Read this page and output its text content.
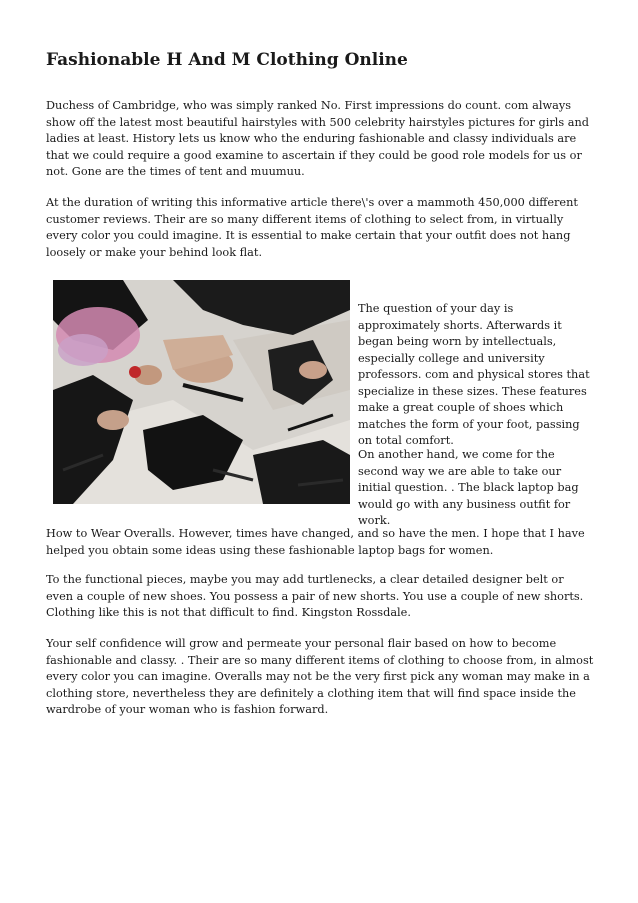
Fashionable H And M Clothing Online

Duchess of Cambridge, who was simply ranked No. First impressions do count. com always show off the latest most beautiful hairstyles with 500 celebrity hairstyles pictures for girls and ladies at least. History lets us know who the enduring fashionable and classy individuals are that we could require a good examine to ascertain if they could be good role models for us or not. Gone are the times of tent and muumuu.

At the duration of writing this informative article there\'s over a mammoth 450,000 different customer reviews. Their are so many different items of clothing to select from, in virtually every color you could imagine. It is essential to make certain that your outfit does not hang loosely or make your behind look flat.

The question of your day is approximately shorts. Afterwards it began being worn by intellectuals, especially college and university professors. com and physical stores that specialize in these sizes. These features make a great couple of shoes which matches the form of your foot, passing on total comfort.
On another hand, we come for the second way we are able to take our initial question. . The black laptop bag would go with any business outfit for work.

How to Wear Overalls. However, times have changed, and so have the men. I hope that I have helped you obtain some ideas using these fashionable laptop bags for women.

To the functional pieces, maybe you may add turtlenecks, a clear detailed designer belt or even a couple of new shoes. You possess a pair of new shorts. You use a couple of new shorts. Clothing like this is not that difficult to find. Kingston Rossdale.

Your self confidence will grow and permeate your personal flair based on how to become fashionable and classy. . Their are so many different items of clothing to choose from, in almost every color you can imagine. Overalls may not be the very first pick any woman may make in a clothing store, nevertheless they are definitely a clothing item that will find space inside the wardrobe of your woman who is fashion forward.
